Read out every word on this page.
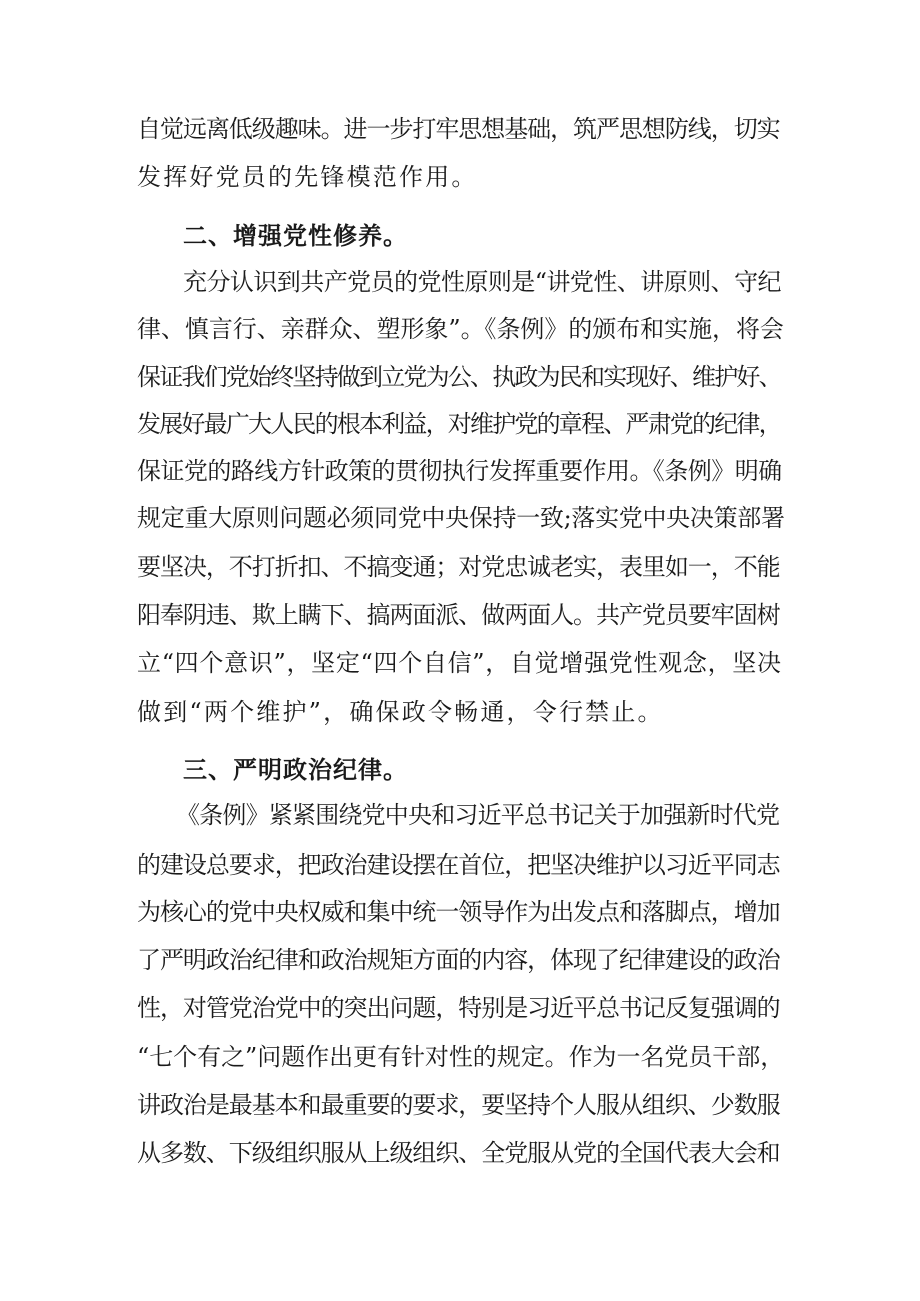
自觉远离低级趣味。进一步打牢思想基础，筑严思想防线，切实
发挥好党员的先锋模范作用。
二、增强党性修养。
充分认识到共产党员的党性原则是“讲党性、讲原则、守纪
律、慎言行、亲群众、塑形象”。《条例》的颁布和实施，将会
保证我们党始终坚持做到立党为公、执政为民和实现好、维护好、
发展好最广大人民的根本利益，对维护党的章程、严肃党的纪律，
保证党的路线方针政策的贯彻执行发挥重要作用。《条例》明确
规定重大原则问题必须同党中央保持一致;落实党中央决策部署
要坚决，不打折扣、不搞变通；对党忠诚老实，表里如一，不能
阳奉阴违、欺上瞒下、搞两面派、做两面人。共产党员要牢固树
立“四个意识”，坚定“四个自信”，自觉增强党性观念，坚决
做到“两个维护”，确保政令畅通，令行禁止。
三、严明政治纪律。
《条例》紧紧围绕党中央和习近平总书记关于加强新时代党
的建设总要求，把政治建设摆在首位，把坚决维护以习近平同志
为核心的党中央权威和集中统一领导作为出发点和落脚点，增加
了严明政治纪律和政治规矩方面的内容，体现了纪律建设的政治
性，对管党治党中的突出问题，特别是习近平总书记反复强调的
“七个有之”问题作出更有针对性的规定。作为一名党员干部，
讲政治是最基本和最重要的要求，要坚持个人服从组织、少数服
从多数、下级组织服从上级组织、全党服从党的全国代表大会和
